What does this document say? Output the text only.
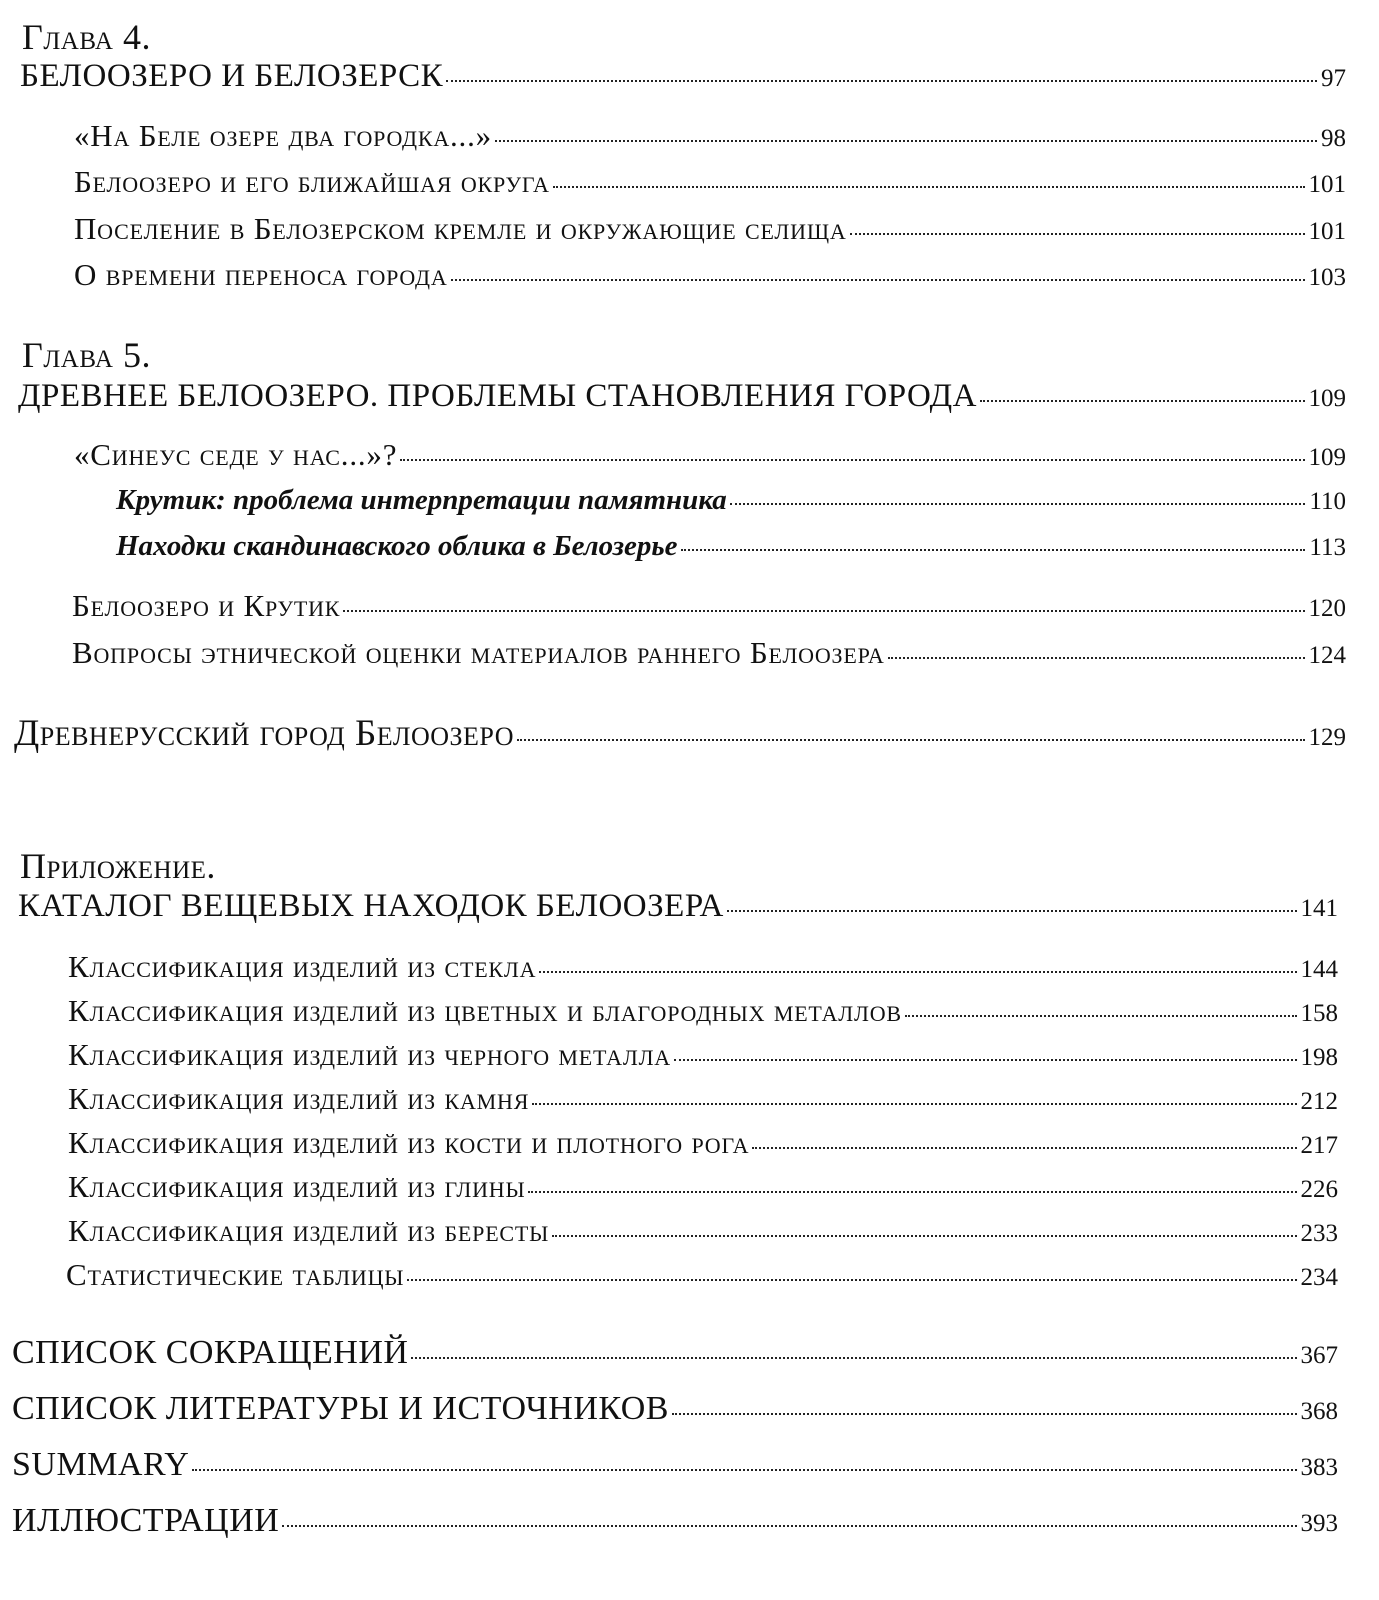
Глава 4.
БЕЛООЗЕРО И БЕЛОЗЕРСК	97
«На Беле озере два городка...»	98
Белоозеро и его ближайшая округа	101
Поселение в Белозерском кремле и окружающие селища	101
О времени переноса города	103
Глава 5.
ДРЕВНЕЕ БЕЛООЗЕРО. ПРОБЛЕМЫ СТАНОВЛЕНИЯ ГОРОДА	109
«Синеус седе у нас...»?	109
Крутик: проблема интерпретации памятника	110
Находки скандинавского облика в Белозерье	113
Белоозеро и Крутик	120
Вопросы этнической оценки материалов раннего Белоозера	124
Древнерусский город Белоозеро	129
Приложение.
КАТАЛОГ ВЕЩЕВЫХ НАХОДОК БЕЛООЗЕРА	141
Классификация изделий из стекла	144
Классификация изделий из цветных и благородных металлов	158
Классификация изделий из черного металла	198
Классификация изделий из камня	212
Классификация изделий из кости и плотного рога	217
Классификация изделий из глины	226
Классификация изделий из бересты	233
Статистические таблицы	234
СПИСОК СОКРАЩЕНИЙ	367
СПИСОК ЛИТЕРАТУРЫ И ИСТОЧНИКОВ	368
SUMMARY	383
ИЛЛЮСТРАЦИИ	393
